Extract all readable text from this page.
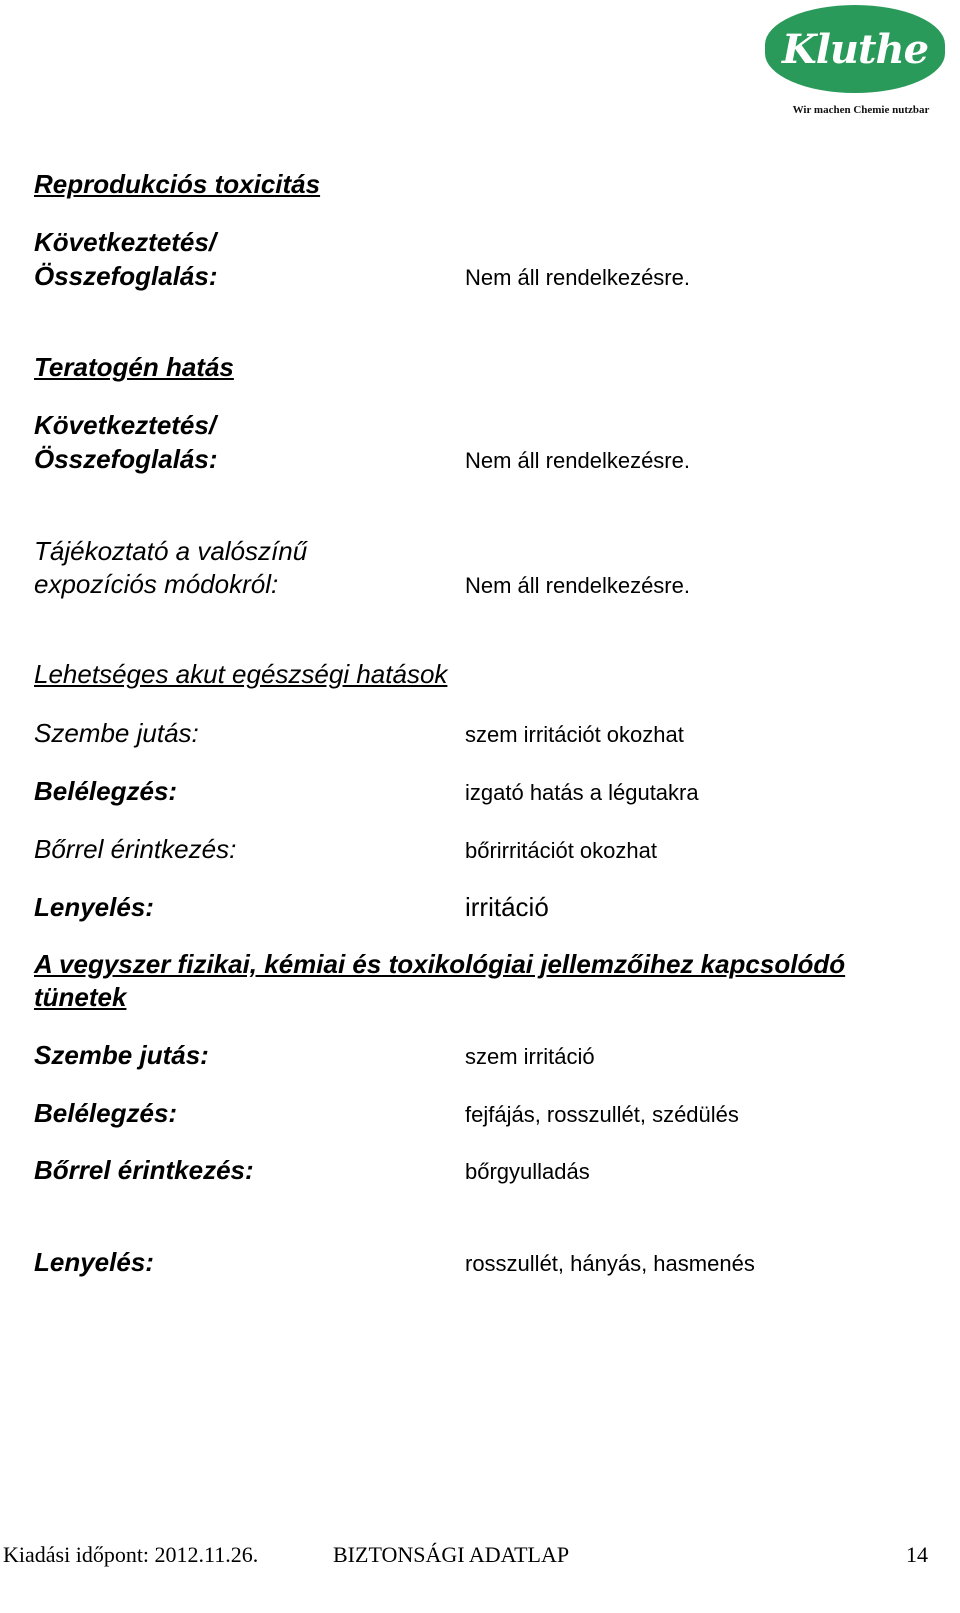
Kluthe
Wir machen Chemie nutzbar
Reprodukciós toxicitás
Következtetés/
Összefoglalás:	Nem áll rendelkezésre.
Teratogén hatás
Következtetés/
Összefoglalás:	Nem áll rendelkezésre.
Tájékoztató a valószínű
expozíciós módokról:	Nem áll rendelkezésre.
Lehetséges akut egészségi hatások
Szembe jutás:	szem irritációt okozhat
Belélegzés:	izgató hatás a légutakra
Bőrrel érintkezés:	bőrirritációt okozhat
Lenyelés:	irritáció
A vegyszer fizikai, kémiai és toxikológiai jellemzőihez kapcsolódó tünetek
Szembe jutás:	szem irritáció
Belélegzés:	fejfájás, rosszullét, szédülés
Bőrrel érintkezés:	bőrgyulladás
Lenyelés:	rosszullét, hányás, hasmenés
Kiadási időpont: 2012.11.26.	BIZTONSÁGI ADATLAP	14
